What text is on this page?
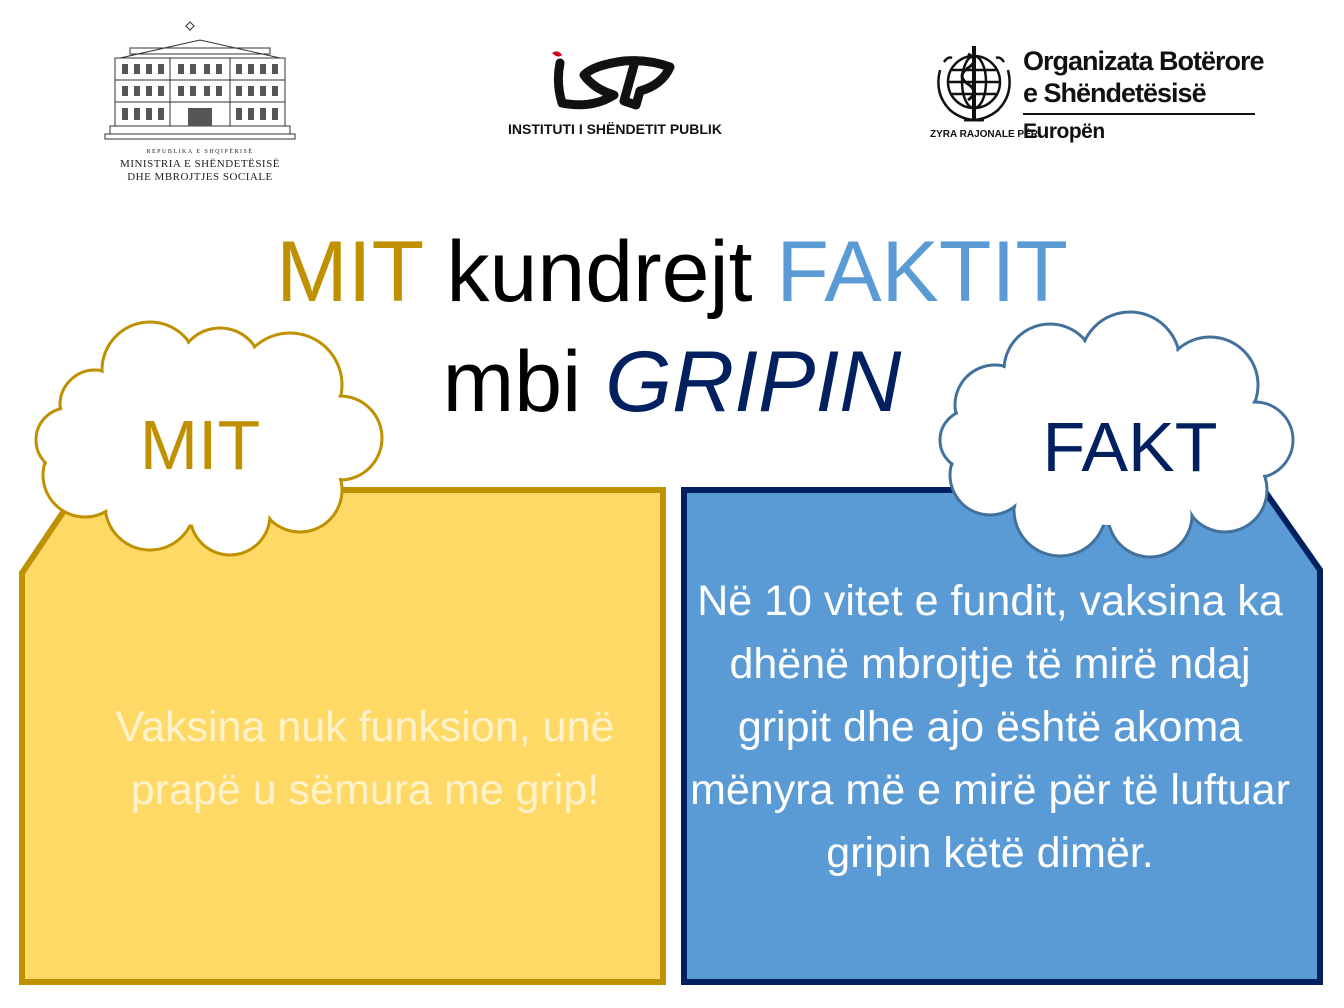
REPUBLIKA E SHQIPËRISË
MINISTRIA E SHËNDETËSISË
DHE MBROJTJES SOCIALE
INSTITUTI I SHËNDETIT PUBLIK
Organizata Botërore
e Shëndetësisë
ZYRA RAJONALE PËR
Europën
MIT kundrejt FAKTIT
mbi GRIPIN
MIT	FAKT
Vaksina nuk funksion, unë prapë u sëmura me grip!
Në 10 vitet e fundit, vaksina ka dhënë mbrojtje të mirë ndaj gripit dhe ajo është akoma mënyra më e mirë për të luftuar gripin këtë dimër.
